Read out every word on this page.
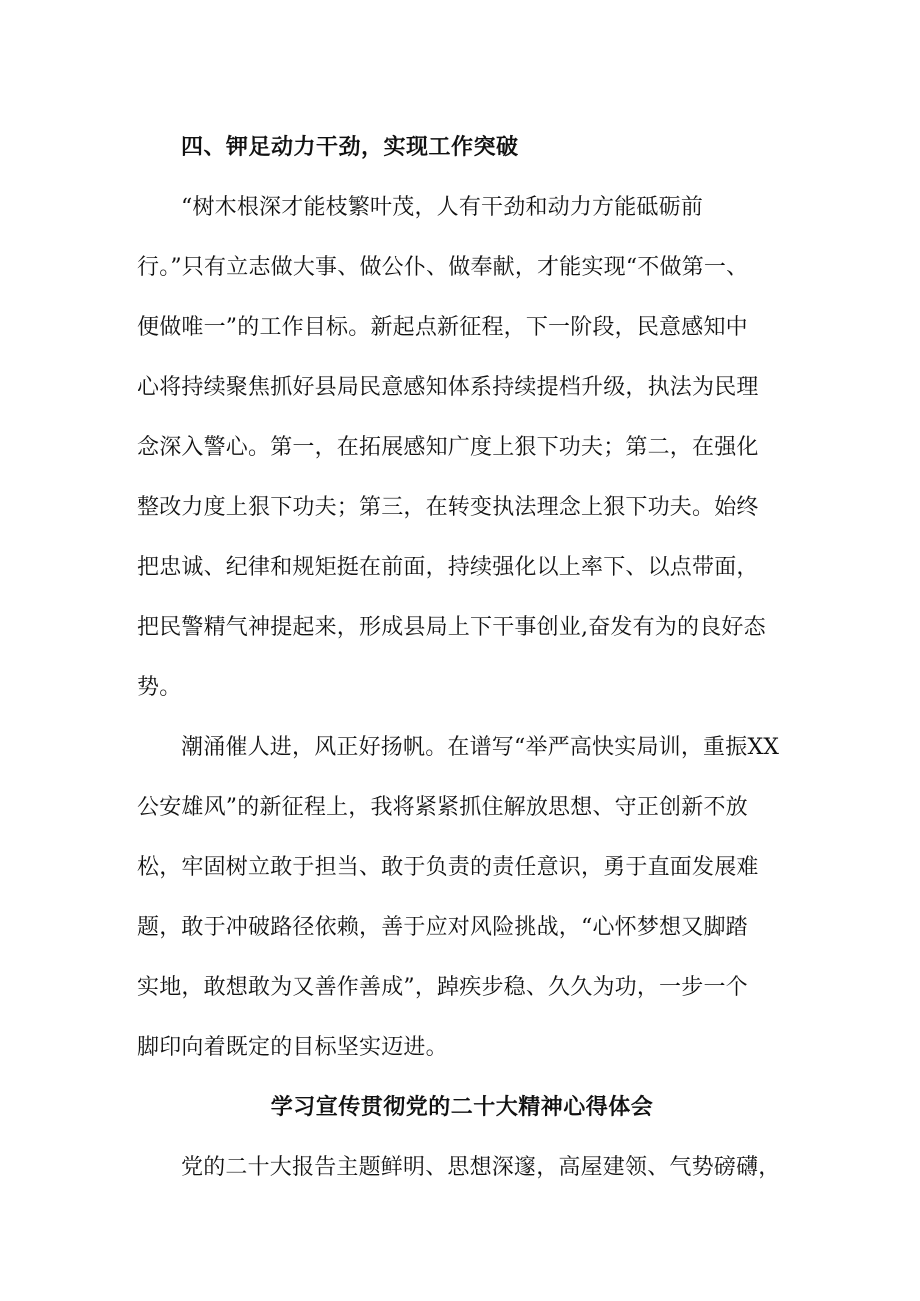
四、钾足动力干劲，实现工作突破
“树木根深才能枝繁叶茂，人有干劲和动力方能砥砺前
行。”只有立志做大事、做公仆、做奉献，才能实现“不做第一、
便做唯一”的工作目标。新起点新征程，下一阶段，民意感知中
心将持续聚焦抓好县局民意感知体系持续提档升级，执法为民理
念深入警心。第一，在拓展感知广度上狠下功夫；第二，在强化
整改力度上狠下功夫；第三，在转变执法理念上狠下功夫。始终
把忠诚、纪律和规矩挺在前面，持续强化以上率下、以点带面，
把民警精气神提起来，形成县局上下干事创业,奋发有为的良好态
势。
潮涌催人进，风正好扬帆。在谱写“举严高快实局训，重振XX
公安雄风”的新征程上，我将紧紧抓住解放思想、守正创新不放
松，牢固树立敢于担当、敢于负责的责任意识，勇于直面发展难
题，敢于冲破路径依赖，善于应对风险挑战，“心怀梦想又脚踏
实地，敢想敢为又善作善成”，踔疾步稳、久久为功，一步一个
脚印向着既定的目标坚实迈进。
学习宣传贯彻党的二十大精神心得体会
党的二十大报告主题鲜明、思想深邃，高屋建领、气势磅礴，
